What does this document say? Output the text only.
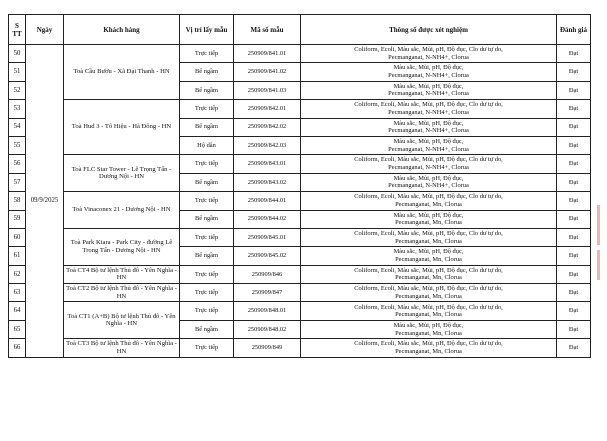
S TT	Ngày	Khách hàng	Vị trí lấy mẫu	Mã số mẫu	Thông số được xét nghiệm	Đánh giá
50	09/9/2025	Toà Cầu Bươu - Xã Đại Thanh - HN	Trực tiếp	250909/841.01	Coliform, Ecoli, Màu sắc, Mùi, pH, Độ đục, Clo dư tự do,
Pecmanganat, N-NH4+, Clorua	Đạt
51			Bể ngầm	250909/841.02	Màu sắc, Mùi, pH, Độ đục,
Pecmanganat, N-NH4+, Clorua	Đạt
52			Bể ngầm	250909/841.03	Màu sắc, Mùi, pH, Độ đục,
Pecmanganat, N-NH4+, Clorua	Đạt
53		Toà Hud 3 - Tô Hiệu - Hà Đông - HN	Trực tiếp	250909/842.01	Coliform, Ecoli, Màu sắc, Mùi, pH, Độ đục, Clo dư tự do,
Pecmanganat, N-NH4+, Clorua	Đạt
54			Bể ngầm	250909/842.02	Màu sắc, Mùi, pH, Độ đục,
Pecmanganat, N-NH4+, Clorua	Đạt
55			Hộ dân	250909/842.03	Màu sắc, Mùi, pH, Độ đục,
Pecmanganat, N-NH4+, Clorua	Đạt
56		Toà FLC Star Tower - Lê Trọng Tấn - Dương Nội - HN	Trực tiếp	250909/843.01	Coliform, Ecoli, Màu sắc, Mùi, pH, Độ đục, Clo dư tự do,
Pecmanganat, N-NH4+, Clorua	Đạt
57			Bể ngầm	250909/843.02	Màu sắc, Mùi, pH, Độ đục,
Pecmanganat, N-NH4+, Clorua	Đạt
58		Toà Vinaconex 21 - Dương Nội - HN	Trực tiếp	250909/844.01	Coliform, Ecoli, Màu sắc, Mùi, pH, Độ đục, Clo dư tự do,
Pecmanganat, Mn, Clorua	Đạt
59			Bể ngầm	250909/844.02	Màu sắc, Mùi, pH, Độ đục,
Pecmanganat, Mn, Clorua	Đạt
60		Toà Park Kiara - Park City - đường Lê Trọng Tấn - Dương Nội - HN	Trực tiếp	250909/845.01	Coliform, Ecoli, Màu sắc, Mùi, pH, Độ đục, Clo dư tự do,
Pecmanganat, Mn, Clorua	Đạt
61			Bể ngầm	250909/845.02	Màu sắc, Mùi, pH, Độ đục,
Pecmanganat, Mn, Clorua	Đạt
62		Toà CT4 Bộ tư lệnh Thủ đô - Yên Nghĩa - HN	Trực tiếp	250909/846	Coliform, Ecoli, Màu sắc, Mùi, pH, Độ đục, Clo dư tự do,
Pecmanganat, Mn, Clorua	Đạt
63		Toà CT2 Bộ tư lệnh Thủ đô - Yên Nghĩa - HN	Trực tiếp	250909/847	Coliform, Ecoli, Màu sắc, Mùi, pH, Độ đục, Clo dư tự do,
Pecmanganat, Mn, Clorua	Đạt
64		Toà CT1 (A+B) Bộ tư lệnh Thủ đô - Yên Nghĩa - HN	Trực tiếp	250909/848.01	Coliform, Ecoli, Màu sắc, Mùi, pH, Độ đục, Clo dư tự do,
Pecmanganat, Mn, Clorua	Đạt
65			Bể ngầm	250909/848.02	Màu sắc, Mùi, pH, Độ đục,
Pecmanganat, Mn, Clorua	Đạt
66		Toà CT3 Bộ tư lệnh Thủ đô - Yên Nghĩa - HN	Trực tiếp	250909/849	Coliform, Ecoli, Màu sắc, Mùi, pH, Độ đục, Clo dư tự do,
Pecmanganat, Mn, Clorua	Đạt
